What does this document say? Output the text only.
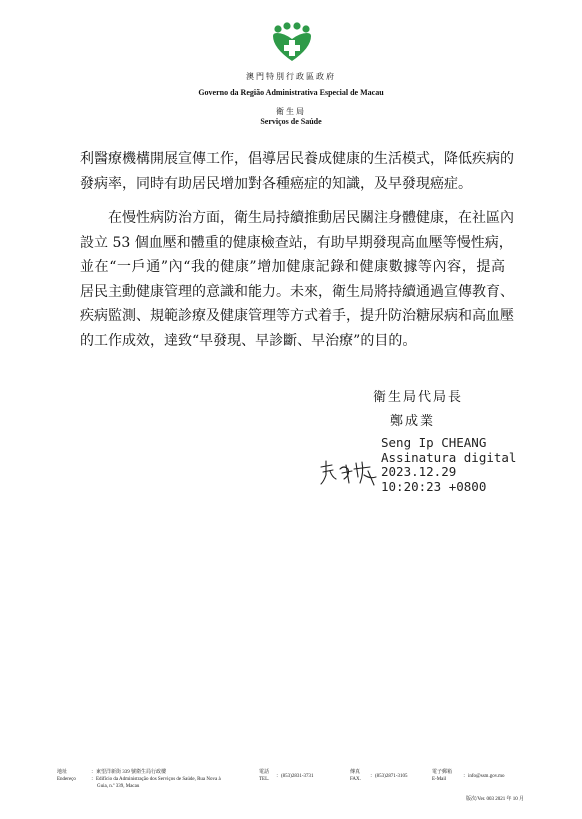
澳門特別行政區政府
Governo da Região Administrativa Especial de Macau
衛生局
Serviços de Saúde
利醫療機構開展宣傳工作，倡導居民養成健康的生活模式，降低疾病的
發病率，同時有助居民增加對各種癌症的知識，及早發現癌症。
　　在慢性病防治方面，衛生局持續推動居民關注身體健康，在社區內
設立 53 個血壓和體重的健康檢查站，有助早期發現高血壓等慢性病，
並在“一戶通”內“我的健康”增加健康記錄和健康數據等內容，提高
居民主動健康管理的意識和能力。未來，衛生局將持續通過宣傳教育、
疾病監測、規範診療及健康管理等方式着手，提升防治糖尿病和高血壓
的工作成效，達致“早發現、早診斷、早治療”的目的。
衛生局代局長
鄭成業
Seng Ip CHEANG
Assinatura digital
2023.12.29
10:20:23 +0800
地址
Endereço
：東望洋新街 339 號衛生局行政樓
：Edifício da Administração dos Serviços de Saúde, Rua Nova à
Guia, n.º 339, Macau
電話
TEL.
：(853)2831-3731
傳真
FAX.
：(853)2871-3105
電子郵箱
E-Mail
：info@ssm.gov.mo
版次/Ver. 003 2021 年 10 月
